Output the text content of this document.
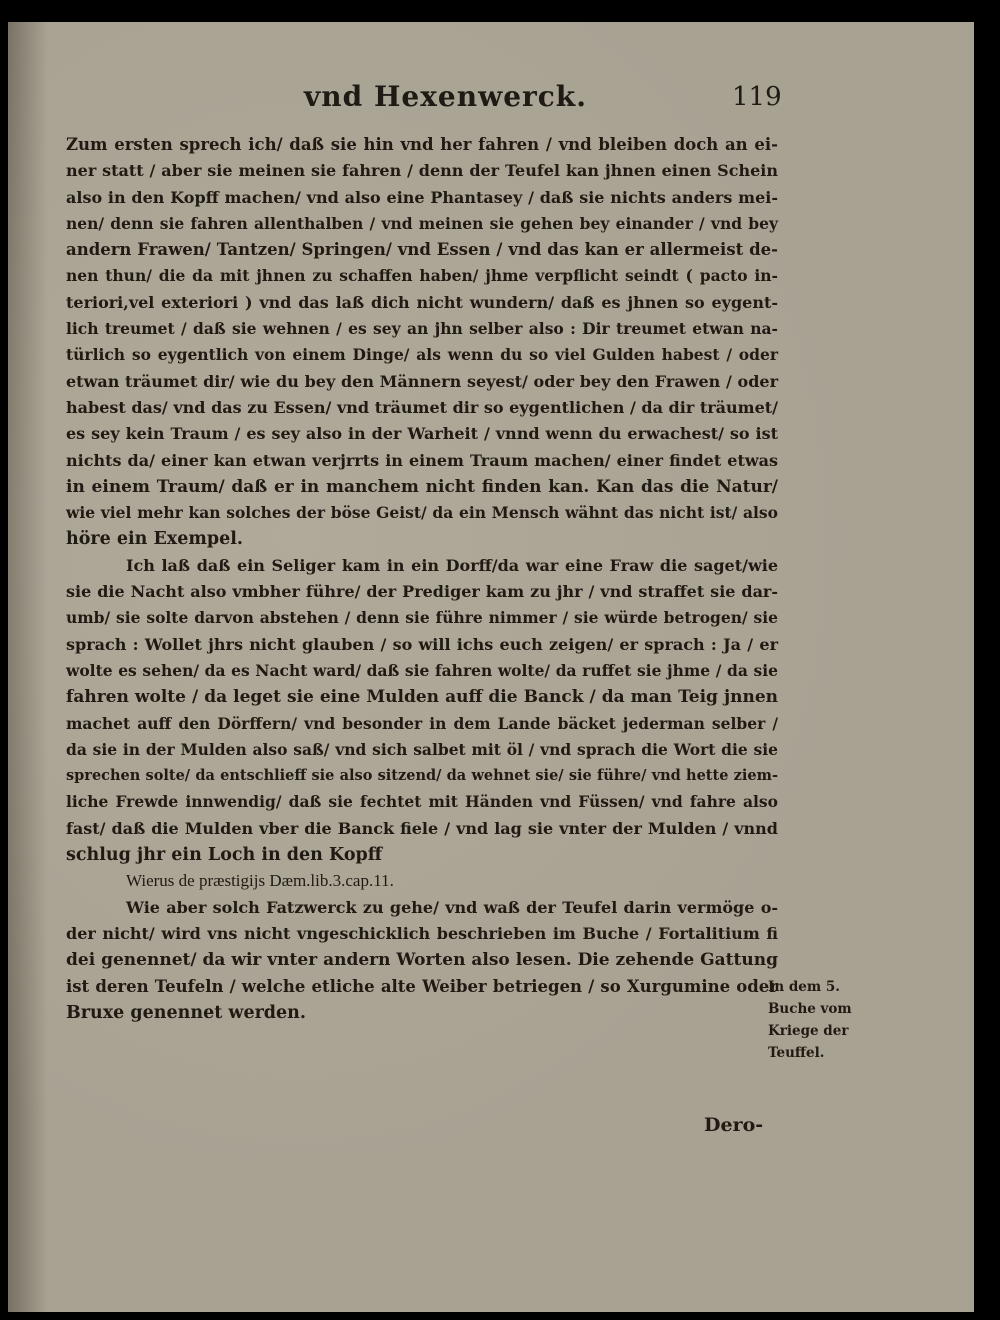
vnd Hexenwerck.	119
Zum ersten sprech ich/ daß sie hin vnd her fahren / vnd bleiben doch an ei-
ner statt / aber sie meinen sie fahren / denn der Teufel kan jhnen einen Schein
also in den Kopff machen/ vnd also eine Phantasey / daß sie nichts anders mei-
nen/ denn sie fahren allenthalben / vnd meinen sie gehen bey einander / vnd bey
andern Frawen/ Tantzen/ Springen/ vnd Essen / vnd das kan er allermeist de-
nen thun/ die da mit jhnen zu schaffen haben/ jhme verpflicht seindt ( pacto in-
teriori,vel exteriori ) vnd das laß dich nicht wundern/ daß es jhnen so eygent-
lich treumet / daß sie wehnen / es sey an jhn selber also : Dir treumet etwan na-
türlich so eygentlich von einem Dinge/ als wenn du so viel Gulden habest / oder
etwan träumet dir/ wie du bey den Männern seyest/ oder bey den Frawen / oder
habest das/ vnd das zu Essen/ vnd träumet dir so eygentlichen / da dir träumet/
es sey kein Traum / es sey also in der Warheit / vnnd wenn du erwachest/ so ist
nichts da/ einer kan etwan verjrrts in einem Traum machen/ einer findet etwas
in einem Traum/ daß er in manchem nicht finden kan. Kan das die Natur/
wie viel mehr kan solches der böse Geist/ da ein Mensch wähnt das nicht ist/ also
höre ein Exempel.
Ich laß daß ein Seliger kam in ein Dorff/da war eine Fraw die saget/wie
sie die Nacht also vmbher führe/ der Prediger kam zu jhr / vnd straffet sie dar-
umb/ sie solte darvon abstehen / denn sie führe nimmer / sie würde betrogen/ sie
sprach : Wollet jhrs nicht glauben / so will ichs euch zeigen/ er sprach : Ja / er
wolte es sehen/ da es Nacht ward/ daß sie fahren wolte/ da ruffet sie jhme / da sie
fahren wolte / da leget sie eine Mulden auff die Banck / da man Teig jnnen
machet auff den Dörffern/ vnd besonder in dem Lande bäcket jederman selber /
da sie in der Mulden also saß/ vnd sich salbet mit öl / vnd sprach die Wort die sie
sprechen solte/ da entschlieff sie also sitzend/ da wehnet sie/ sie führe/ vnd hette ziem-
liche Frewde innwendig/ daß sie fechtet mit Händen vnd Füssen/ vnd fahre also
fast/ daß die Mulden vber die Banck fiele / vnd lag sie vnter der Mulden / vnnd
schlug jhr ein Loch in den Kopff
Wierus de præstigijs Dæm.lib.3.cap.11.
Wie aber solch Fatzwerck zu gehe/ vnd waß der Teufel darin vermöge o-
der nicht/ wird vns nicht vngeschicklich beschrieben im Buche / Fortalitium fi
dei genennet/ da wir vnter andern Worten also lesen. Die zehende Gattung
ist deren Teufeln / welche etliche alte Weiber betriegen / so Xurgumine oder
Bruxe genennet werden.
In dem 5.
Buche vom
Kriege der
Teuffel.
Dero-
